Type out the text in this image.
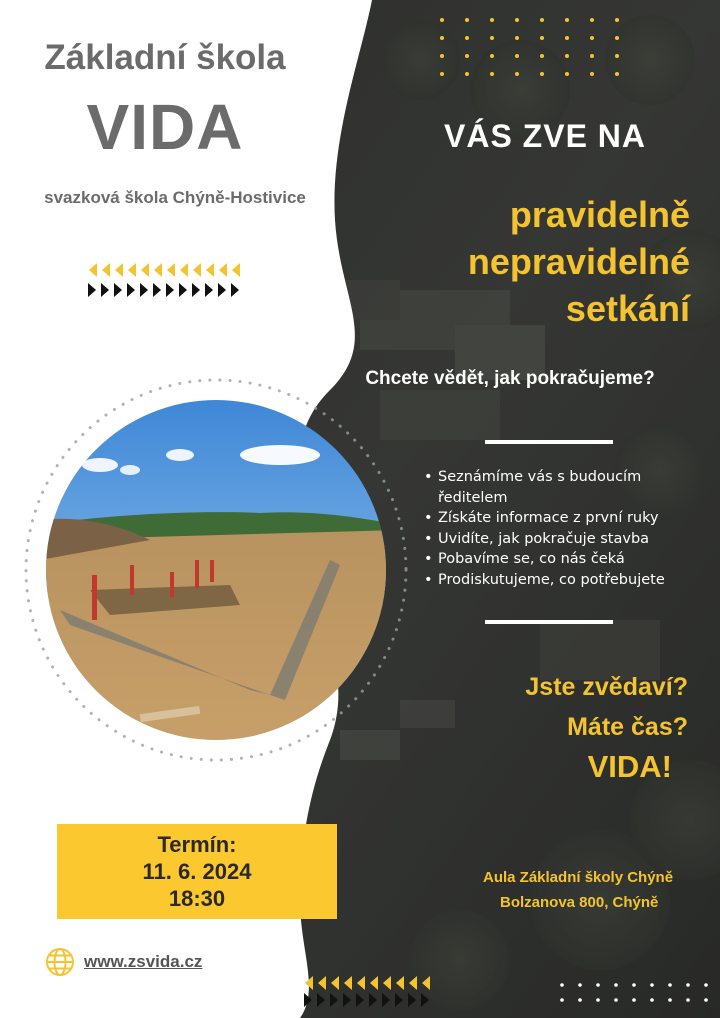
Základní škola
VIDA
svazková škola Chýně-Hostivice
VÁS ZVE NA
pravidelně
nepravidelné
setkání
Chcete vědět, jak pokračujeme?
• Seznámíme vás s budoucím ředitelem
• Získáte informace z první ruky
• Uvidíte, jak pokračuje stavba
• Pobavíme se, co nás čeká
• Prodiskutujeme, co potřebujete
Jste zvědaví?
Máte čas?
VIDA!
Termín:
11. 6. 2024
18:30
Aula Základní školy Chýně
Bolzanova 800, Chýně
www.zsvida.cz
